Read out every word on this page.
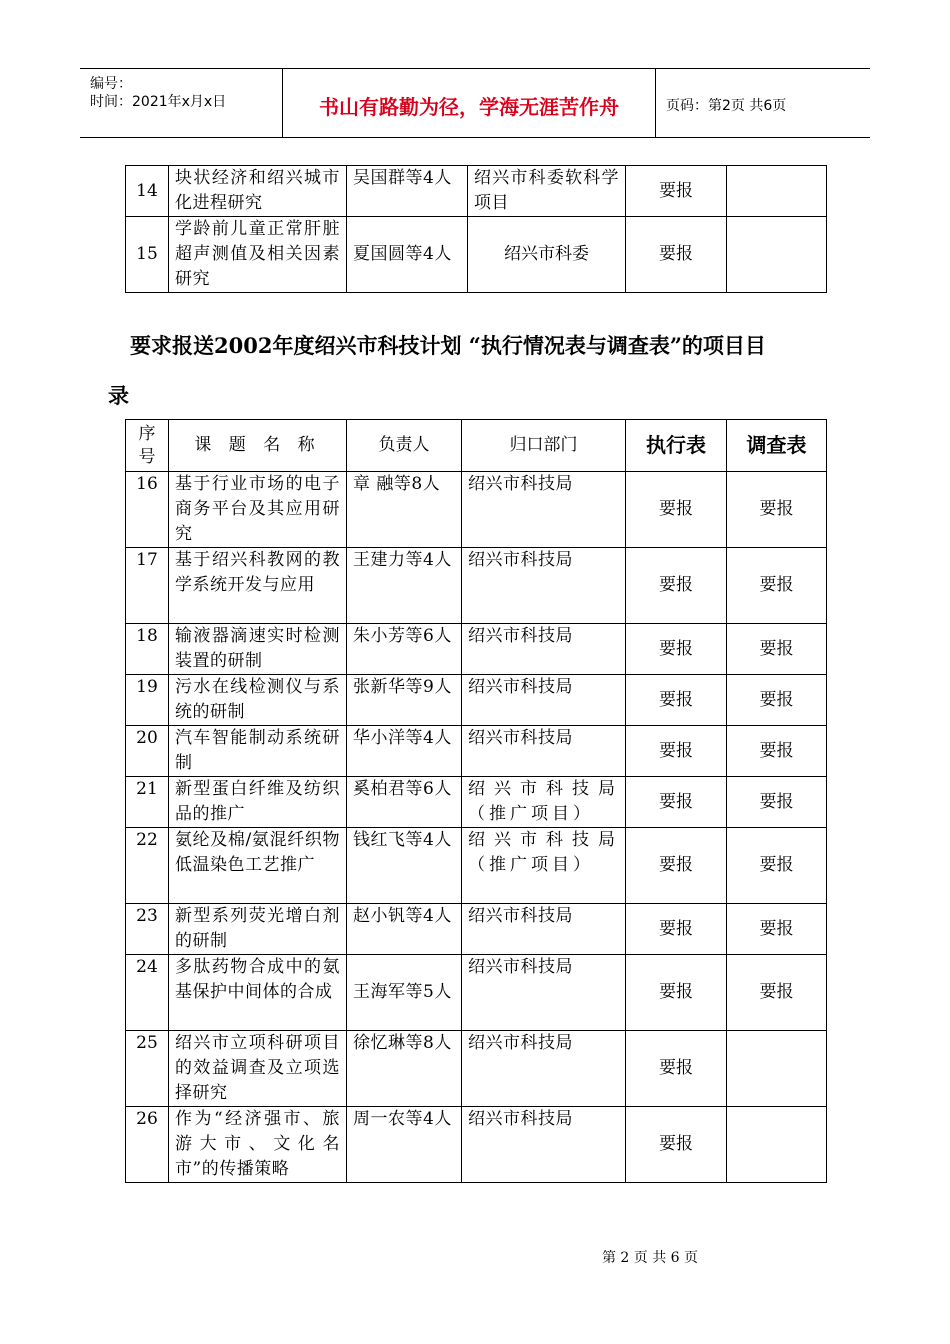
编号：
时间：2021年x月x日	书山有路勤为径，学海无涯苦作舟	页码：第2页 共6页
14	块状经济和绍兴城市化进程研究	吴国群等4人	绍兴市科委软科学项目	要报	
15	学龄前儿童正常肝脏超声测值及相关因素研究	夏国圆等4人	绍兴市科委	要报	
要求报送2002年度绍兴市科技计划 “执行情况表与调查表”的项目目
录
序号	课 题 名 称	负责人	归口部门	执行表	调查表
16	基于行业市场的电子商务平台及其应用研究	章 融等8人	绍兴市科技局	要报	要报
17	基于绍兴科教网的教学系统开发与应用	王建力等4人	绍兴市科技局	要报	要报
18	输液器滴速实时检测装置的研制	朱小芳等6人	绍兴市科技局	要报	要报
19	污水在线检测仪与系统的研制	张新华等9人	绍兴市科技局	要报	要报
20	汽车智能制动系统研制	华小洋等4人	绍兴市科技局	要报	要报
21	新型蛋白纤维及纺织品的推广	奚柏君等6人	绍兴市科技局（推广项目）	要报	要报
22	氨纶及棉/氨混纤织物低温染色工艺推广	钱红飞等4人	绍兴市科技局（推广项目）	要报	要报
23	新型系列荧光增白剂的研制	赵小钒等4人	绍兴市科技局	要报	要报
24	多肽药物合成中的氨基保护中间体的合成	王海军等5人	绍兴市科技局	要报	要报
25	绍兴市立项科研项目的效益调查及立项选择研究	徐忆琳等8人	绍兴市科技局	要报	
26	作为“经济强市、旅游大市、文化名市”的传播策略	周一农等4人	绍兴市科技局	要报	
第 2 页 共 6 页
